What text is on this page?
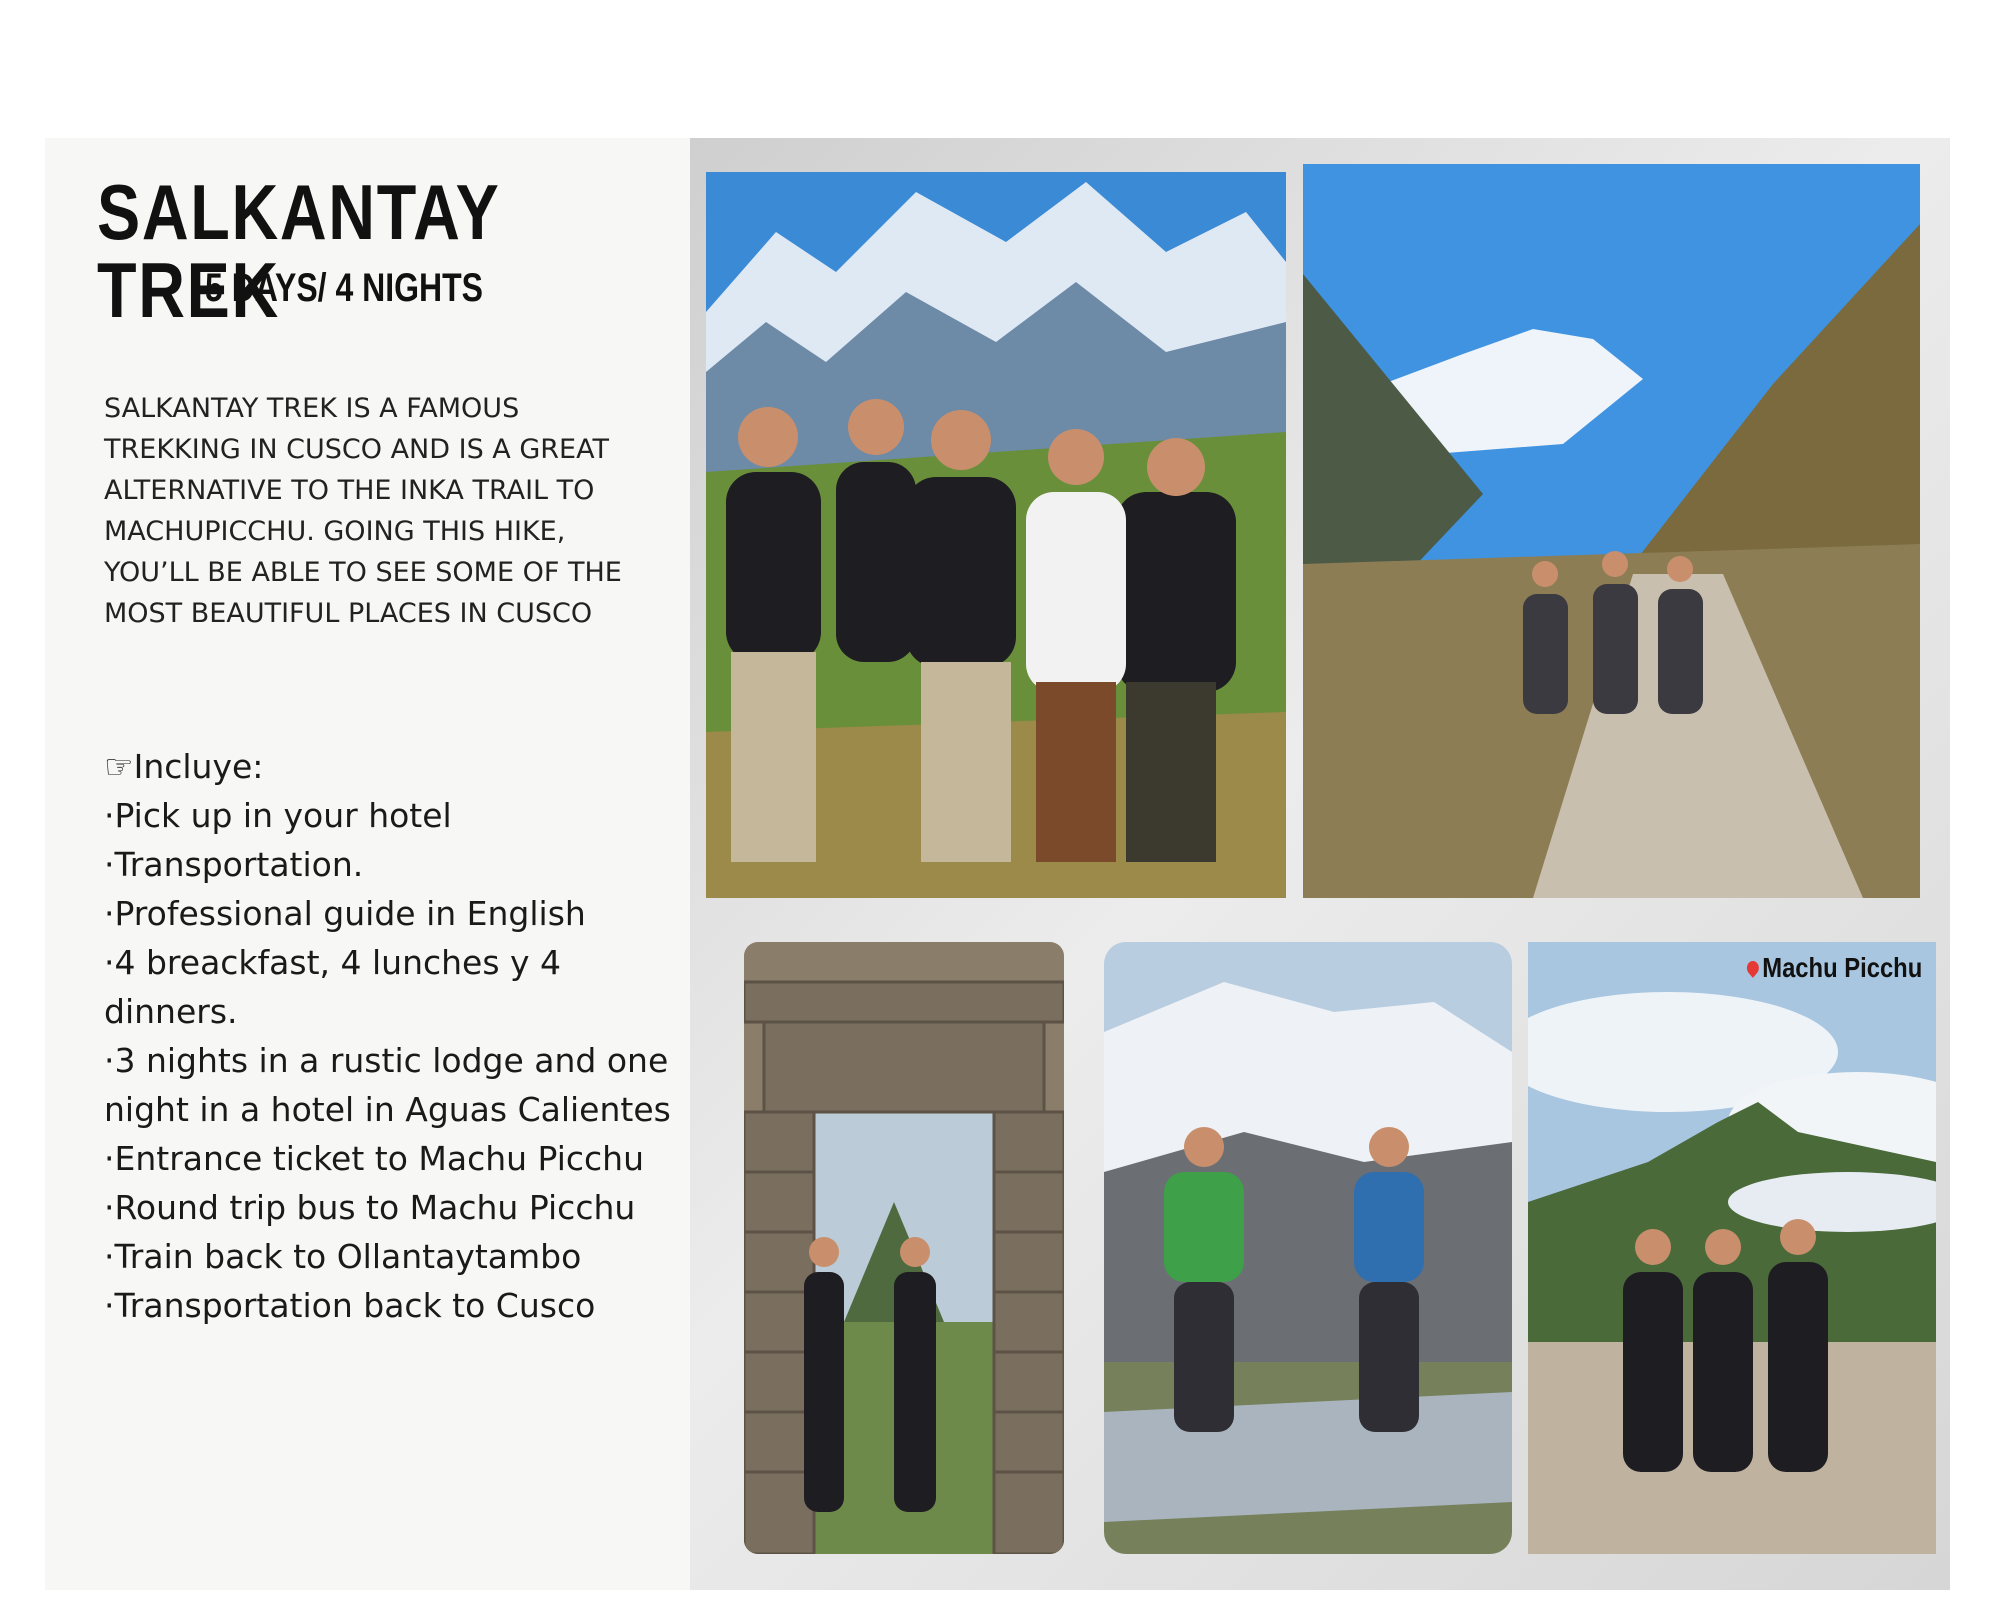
SALKANTAY TREK
5 DAYS/ 4 NIGHTS

SALKANTAY TREK IS A FAMOUS TREKKING IN CUSCO AND IS A GREAT ALTERNATIVE TO THE INKA TRAIL TO MACHUPICCHU. GOING THIS HIKE, YOU’LL BE ABLE TO SEE SOME OF THE MOST BEAUTIFUL PLACES IN CUSCO

☞Incluye:
·Pick up in your hotel
·Transportation.
·Professional guide in English
·4 breackfast, 4 lunches y 4 dinners.
·3 nights in a rustic lodge and one night in a hotel in Aguas Calientes
·Entrance ticket to Machu Picchu
·Round trip bus to Machu Picchu
·Train back to Ollantaytambo
·Transportation back to Cusco
Machu Picchu
